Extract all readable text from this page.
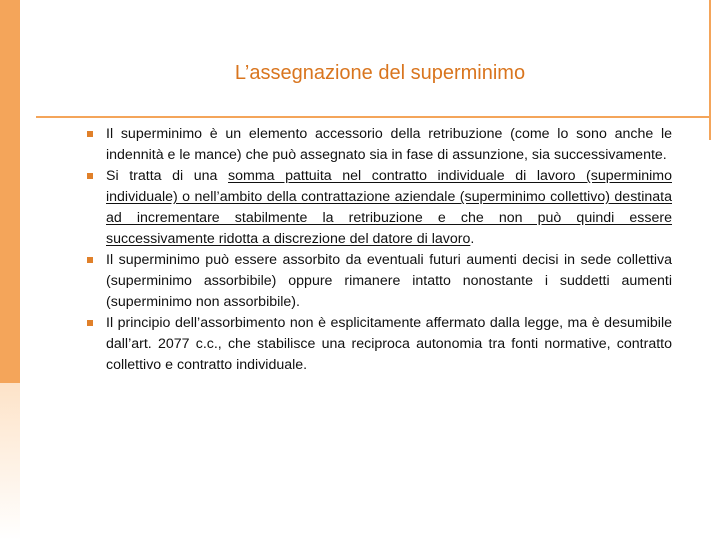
L’assegnazione del superminimo
Il superminimo è un elemento accessorio della retribuzione (come lo sono anche le indennità e le mance) che può assegnato sia in fase di assunzione, sia successivamente.
Si tratta di una somma pattuita nel contratto individuale di lavoro (superminimo individuale) o nell’ambito della contrattazione aziendale (superminimo collettivo) destinata ad incrementare stabilmente la retribuzione e che non può quindi essere successivamente ridotta a discrezione del datore di lavoro.
Il superminimo può essere assorbito da eventuali futuri aumenti decisi in sede collettiva (superminimo assorbibile) oppure rimanere intatto nonostante i suddetti aumenti (superminimo non assorbibile).
Il principio dell’assorbimento non è esplicitamente affermato dalla legge, ma è desumibile dall’art. 2077 c.c., che stabilisce una reciproca autonomia tra fonti normative, contratto collettivo e contratto individuale.
